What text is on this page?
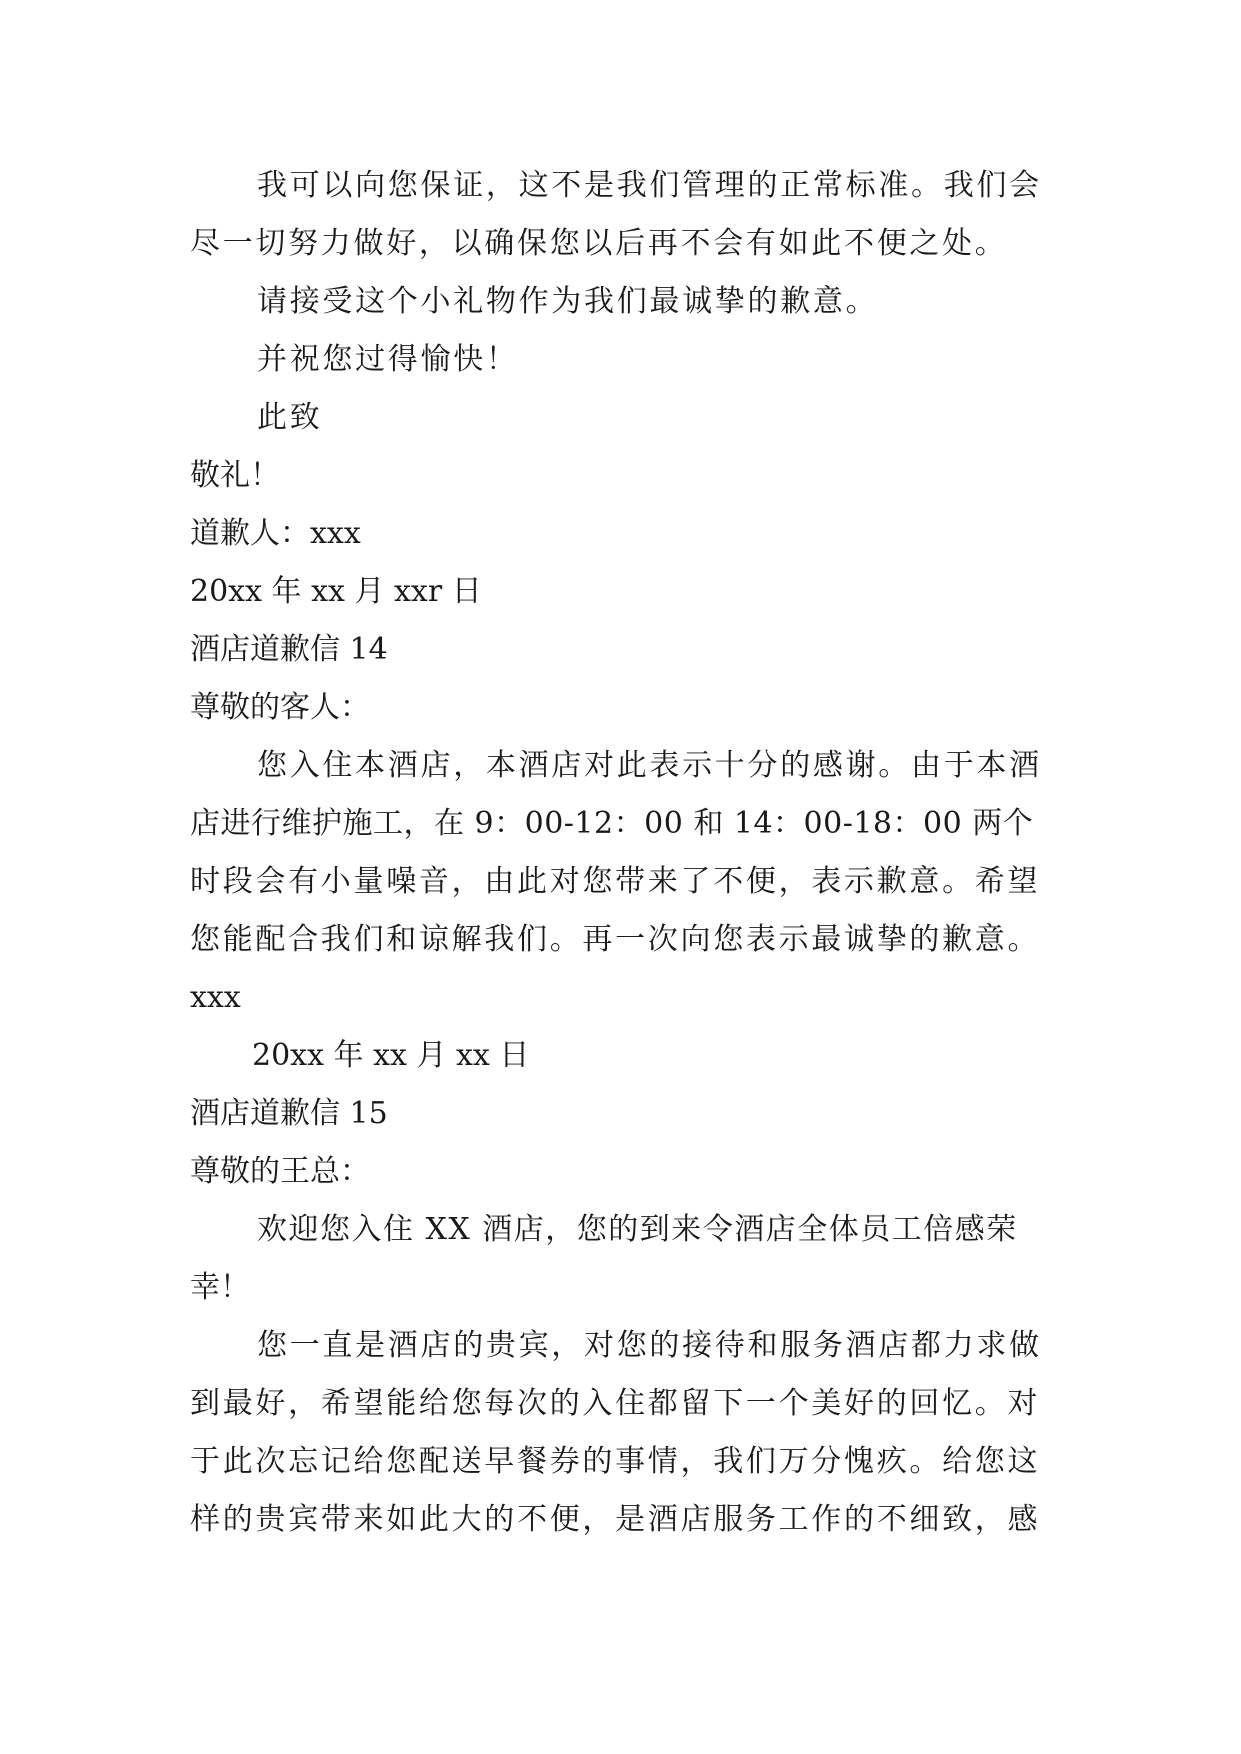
我可以向您保证，这不是我们管理的正常标准。我们会

尽一切努力做好，以确保您以后再不会有如此不便之处。

请接受这个小礼物作为我们最诚挚的歉意。

并祝您过得愉快！

此致

敬礼！

道歉人：xxx

20xx 年 xx 月 xxr 日

酒店道歉信 14

尊敬的客人：

您入住本酒店，本酒店对此表示十分的感谢。由于本酒

店进行维护施工，在 9：00-12：00 和 14：00-18：00 两个

时段会有小量噪音，由此对您带来了不便，表示歉意。希望

您能配合我们和谅解我们。再一次向您表示最诚挚的歉意。

xxx

20xx 年 xx 月 xx 日

酒店道歉信 15

尊敬的王总：

欢迎您入住 XX 酒店，您的到来令酒店全体员工倍感荣

幸！

您一直是酒店的贵宾，对您的接待和服务酒店都力求做

到最好，希望能给您每次的入住都留下一个美好的回忆。对

于此次忘记给您配送早餐券的事情，我们万分愧疚。给您这

样的贵宾带来如此大的不便，是酒店服务工作的不细致，感
